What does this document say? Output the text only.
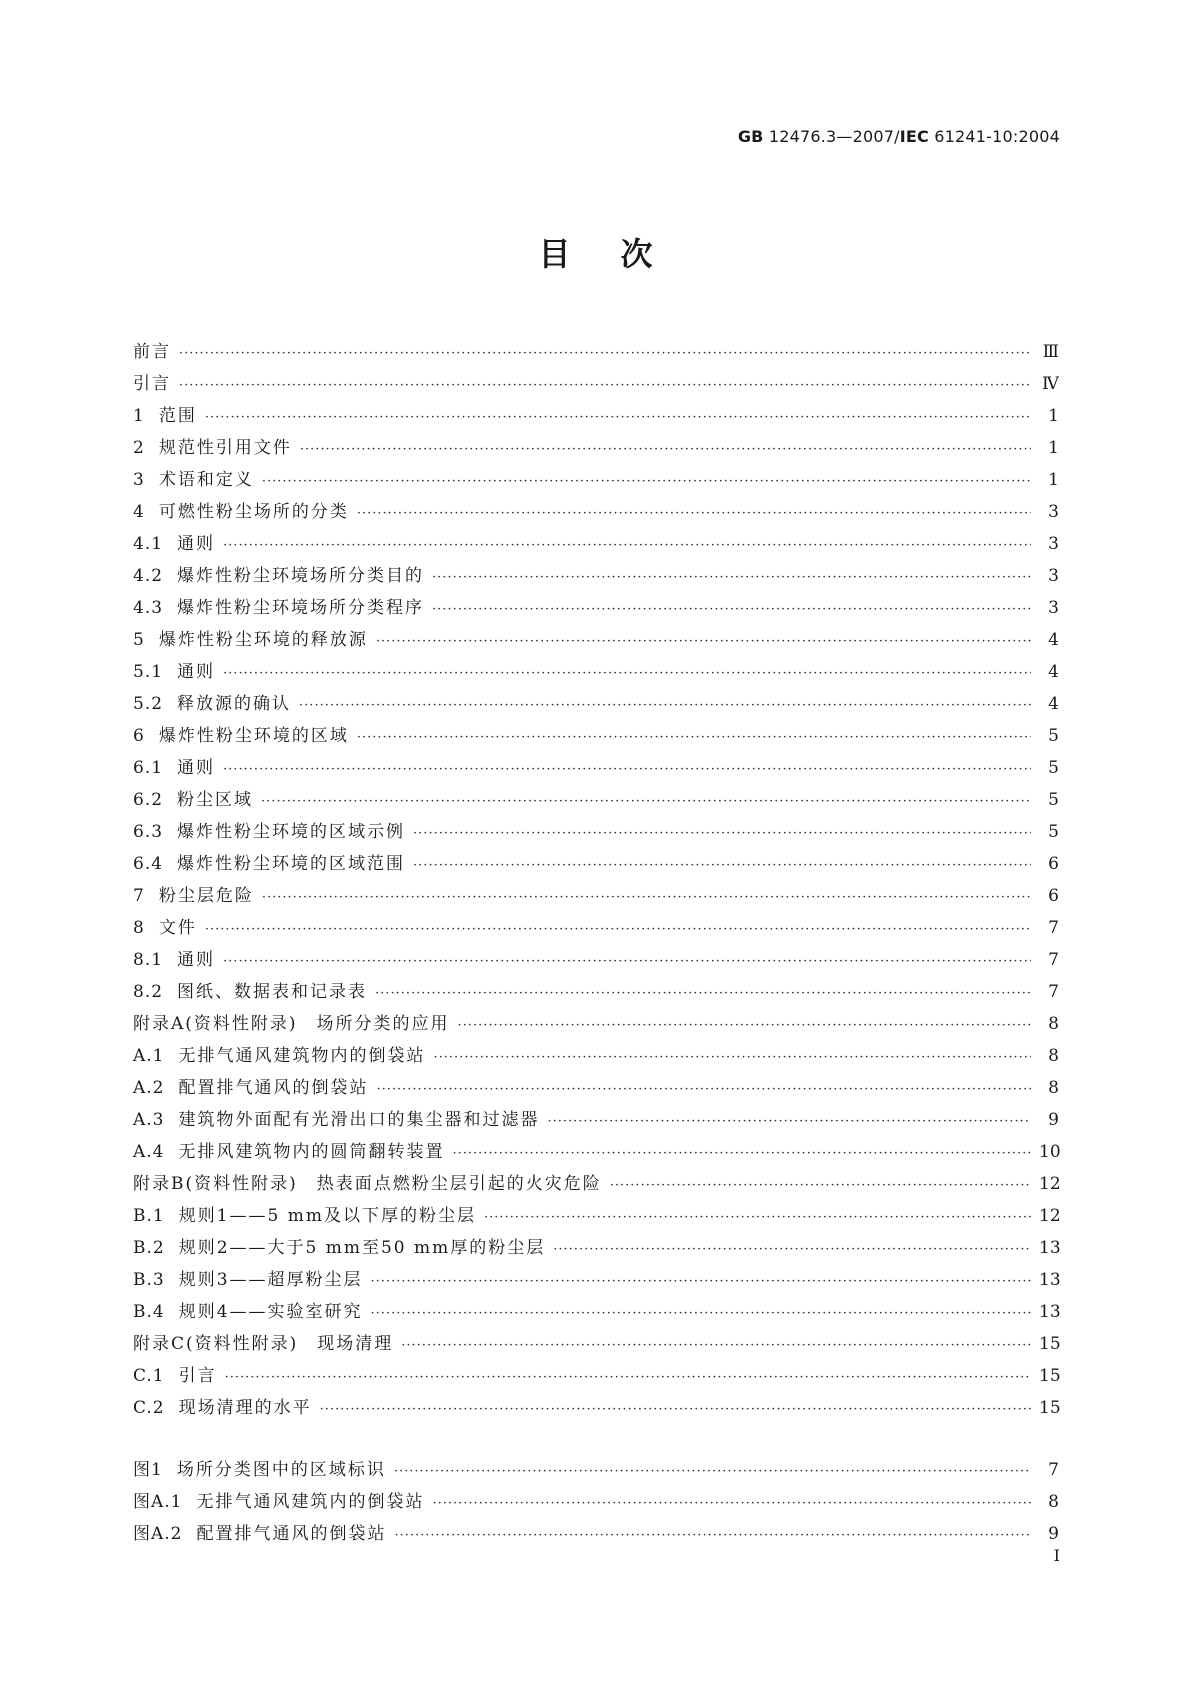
GB 12476.3—2007/IEC 61241-10:2004
目次
前言 ·····	Ⅲ
引言 ·····	Ⅳ
1 范围 ·····	1
2 规范性引用文件 ·····	1
3 术语和定义 ·····	1
4 可燃性粉尘场所的分类 ·····	3
4.1 通则 ·····	3
4.2 爆炸性粉尘环境场所分类目的 ·····	3
4.3 爆炸性粉尘环境场所分类程序 ·····	3
5 爆炸性粉尘环境的释放源 ·····	4
5.1 通则 ·····	4
5.2 释放源的确认 ·····	4
6 爆炸性粉尘环境的区域 ·····	5
6.1 通则 ·····	5
6.2 粉尘区域 ·····	5
6.3 爆炸性粉尘环境的区域示例 ·····	5
6.4 爆炸性粉尘环境的区域范围 ·····	6
7 粉尘层危险 ·····	6
8 文件 ·····	7
8.1 通则 ·····	7
8.2 图纸、数据表和记录表 ·····	7
附录A(资料性附录)　场所分类的应用 ·····	8
A.1 无排气通风建筑物内的倒袋站 ·····	8
A.2 配置排气通风的倒袋站 ·····	8
A.3 建筑物外面配有光滑出口的集尘器和过滤器 ·····	9
A.4 无排风建筑物内的圆筒翻转装置 ·····	10
附录B(资料性附录)　热表面点燃粉尘层引起的火灾危险 ·····	12
B.1 规则1——5 mm及以下厚的粉尘层 ·····	12
B.2 规则2——大于5 mm至50 mm厚的粉尘层 ·····	13
B.3 规则3——超厚粉尘层 ·····	13
B.4 规则4——实验室研究 ·····	13
附录C(资料性附录)　现场清理 ·····	15
C.1 引言 ·····	15
C.2 现场清理的水平 ·····	15
图1 场所分类图中的区域标识 ·····	7
图A.1 无排气通风建筑内的倒袋站 ·····	8
图A.2 配置排气通风的倒袋站 ·····	9
I
